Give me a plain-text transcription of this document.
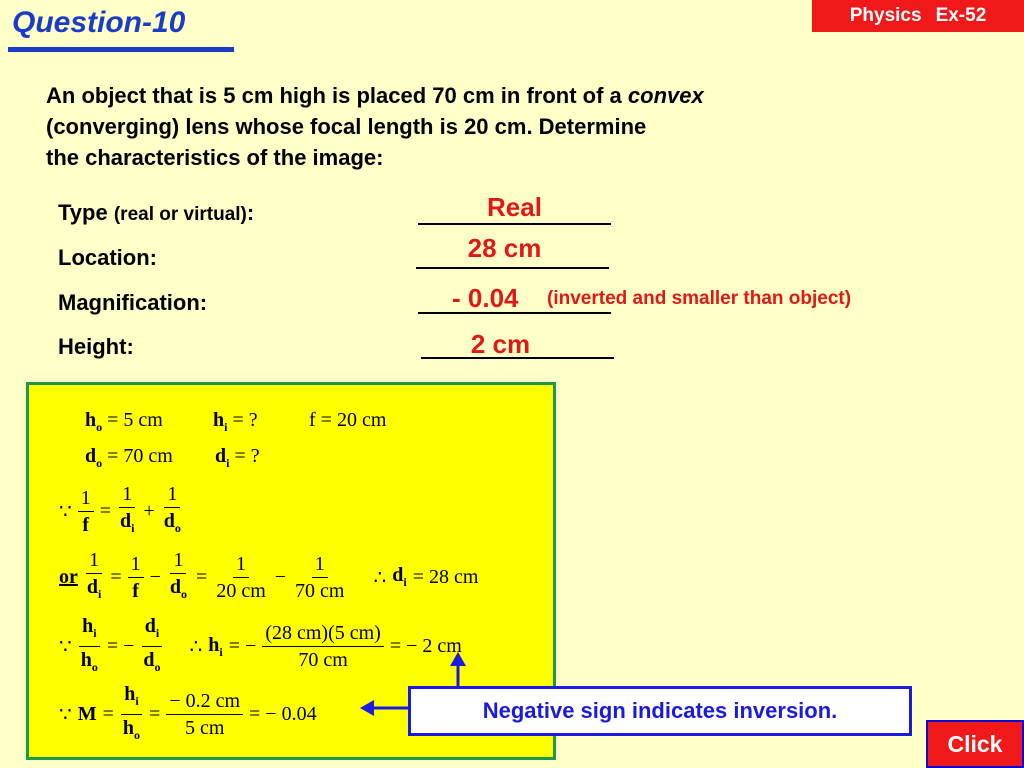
Question-10	Physics Ex-52
An object that is 5 cm high is placed 70 cm in front of a convex
(converging) lens whose focal length is 20 cm. Determine
the characteristics of the image:
Type (real or virtual):	Real
Location:	28 cm
Magnification:	- 0.04 (inverted and smaller than object)
Height:	2 cm
$h_o = 5$ cm	$h_i$ = ?	f = 20 cm
$d_o = 70$ cm $d_i$ = ?
∵ $\frac{1}{f} = \frac{1}{d_i} + \frac{1}{d_o}$
or $\frac{1}{d_i} = \frac{1}{f} - \frac{1}{d_o} = \frac{1}{20 cm} - \frac{1}{70 cm}$ ∴ $d_i = 28$ cm
∵ $\frac{h_i}{h_o}$ = − $\frac{d_i}{d_o}$ ∴ $h_i$ = − $\frac{(28 cm)(5 cm)}{70 cm}$ = − 2 cm
∵ $M = \frac{h_i}{h_o} = \frac{- 0.2 cm}{5 cm}$ = − 0.04	Negative sign indicates inversion.
Click
